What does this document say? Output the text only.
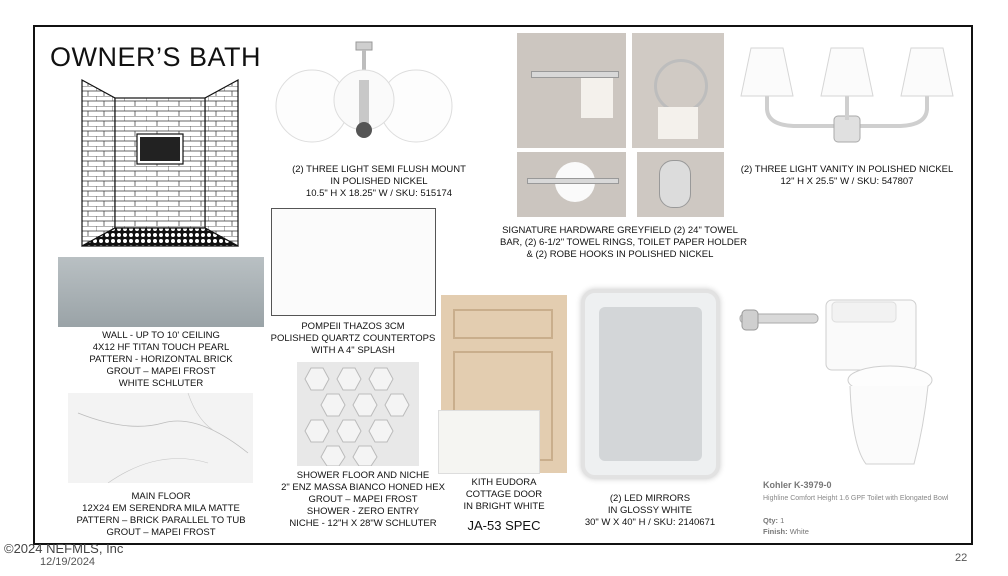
OWNER’S BATH
WALL - UP TO 10' CEILING
4X12 HF TITAN TOUCH PEARL
PATTERN - HORIZONTAL BRICK
GROUT – MAPEI FROST
WHITE SCHLUTER
MAIN FLOOR
12X24 EM SERENDRA MILA MATTE
PATTERN – BRICK PARALLEL TO TUB
GROUT – MAPEI FROST
(2) THREE LIGHT SEMI FLUSH MOUNT
IN POLISHED NICKEL
10.5" H X 18.25" W / SKU: 515174
POMPEII THAZOS 3CM
POLISHED QUARTZ COUNTERTOPS
WITH A 4" SPLASH
SHOWER FLOOR AND NICHE
2" ENZ MASSA BIANCO HONED HEX
GROUT – MAPEI FROST
SHOWER - ZERO ENTRY
NICHE - 12"H X 28"W SCHLUTER
SIGNATURE HARDWARE GREYFIELD (2) 24" TOWEL
BAR, (2) 6-1/2" TOWEL RINGS, TOILET PAPER HOLDER
& (2) ROBE HOOKS IN POLISHED NICKEL
(2) THREE LIGHT VANITY IN POLISHED NICKEL
12" H X 25.5" W / SKU: 547807
KITH EUDORA
COTTAGE DOOR
IN BRIGHT WHITE
JA-53 SPEC
(2) LED MIRRORS
IN GLOSSY WHITE
30" W X 40" H / SKU: 2140671
Kohler K-3979-0
Highline Comfort Height 1.6 GPF Toilet with Elongated Bowl
Qty: 1
Finish: White
©2024 NEFMLS, Inc
12/19/2024	22
